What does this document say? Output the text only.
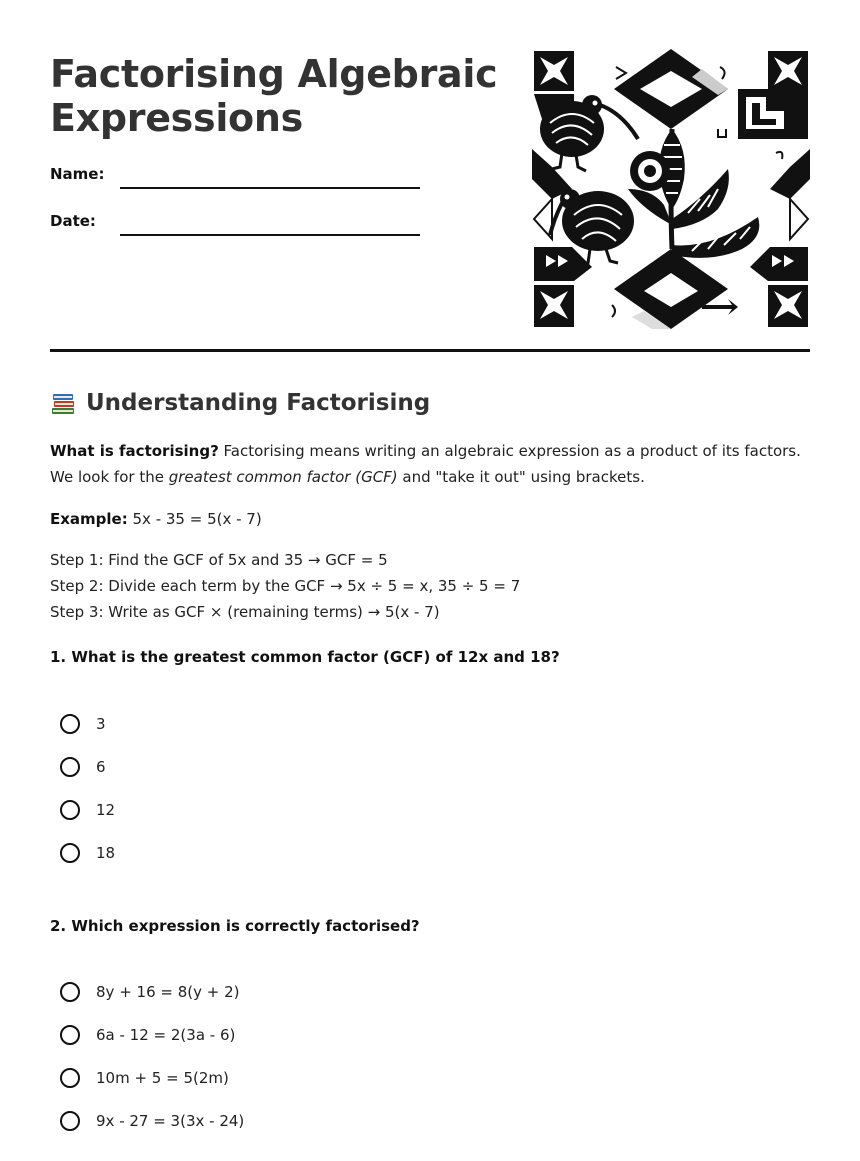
Factorising Algebraic Expressions
Name:
Date:
Understanding Factorising

What is factorising? Factorising means writing an algebraic expression as a product of its factors. We look for the greatest common factor (GCF) and "take it out" using brackets.

Example: 5x - 35 = 5(x - 7)

Step 1: Find the GCF of 5x and 35 → GCF = 5
Step 2: Divide each term by the GCF → 5x ÷ 5 = x, 35 ÷ 5 = 7
Step 3: Write as GCF × (remaining terms) → 5(x - 7)

1. What is the greatest common factor (GCF) of 12x and 18?

3
6
12
18

2. Which expression is correctly factorised?

8y + 16 = 8(y + 2)
6a - 12 = 2(3a - 6)
10m + 5 = 5(2m)
9x - 27 = 3(3x - 24)
